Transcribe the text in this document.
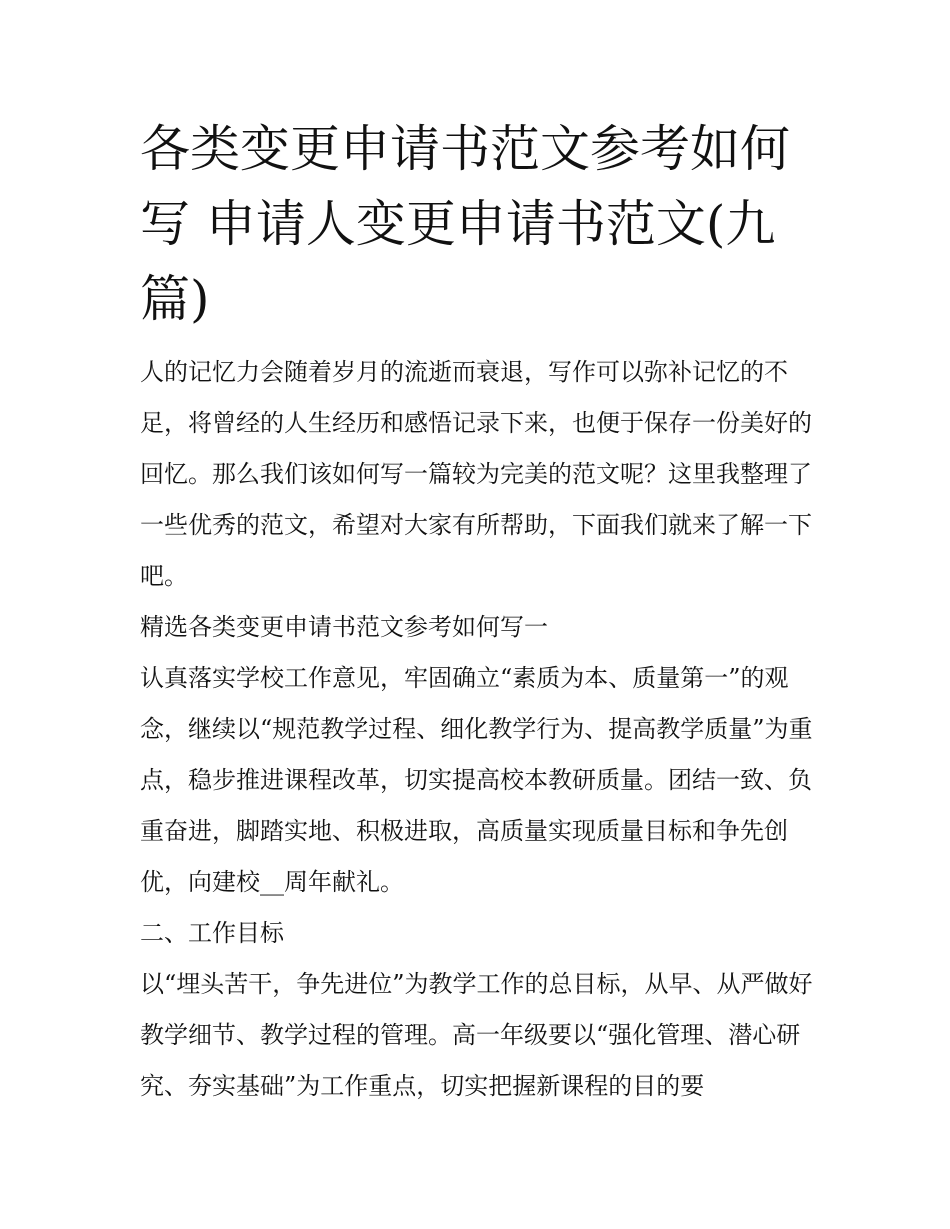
各类变更申请书范文参考如何写 申请人变更申请书范文(九篇)

人的记忆力会随着岁月的流逝而衰退，写作可以弥补记忆的不足，将曾经的人生经历和感悟记录下来，也便于保存一份美好的回忆。那么我们该如何写一篇较为完美的范文呢？这里我整理了一些优秀的范文，希望对大家有所帮助，下面我们就来了解一下吧。

精选各类变更申请书范文参考如何写一

认真落实学校工作意见，牢固确立“素质为本、质量第一”的观念，继续以“规范教学过程、细化教学行为、提高教学质量”为重点，稳步推进课程改革，切实提高校本教研质量。团结一致、负重奋进，脚踏实地、积极进取，高质量实现质量目标和争先创优，向建校__周年献礼。

二、工作目标

以“埋头苦干，争先进位”为教学工作的总目标，从早、从严做好教学细节、教学过程的管理。高一年级要以“强化管理、潜心研究、夯实基础”为工作重点，切实把握新课程的目的要
